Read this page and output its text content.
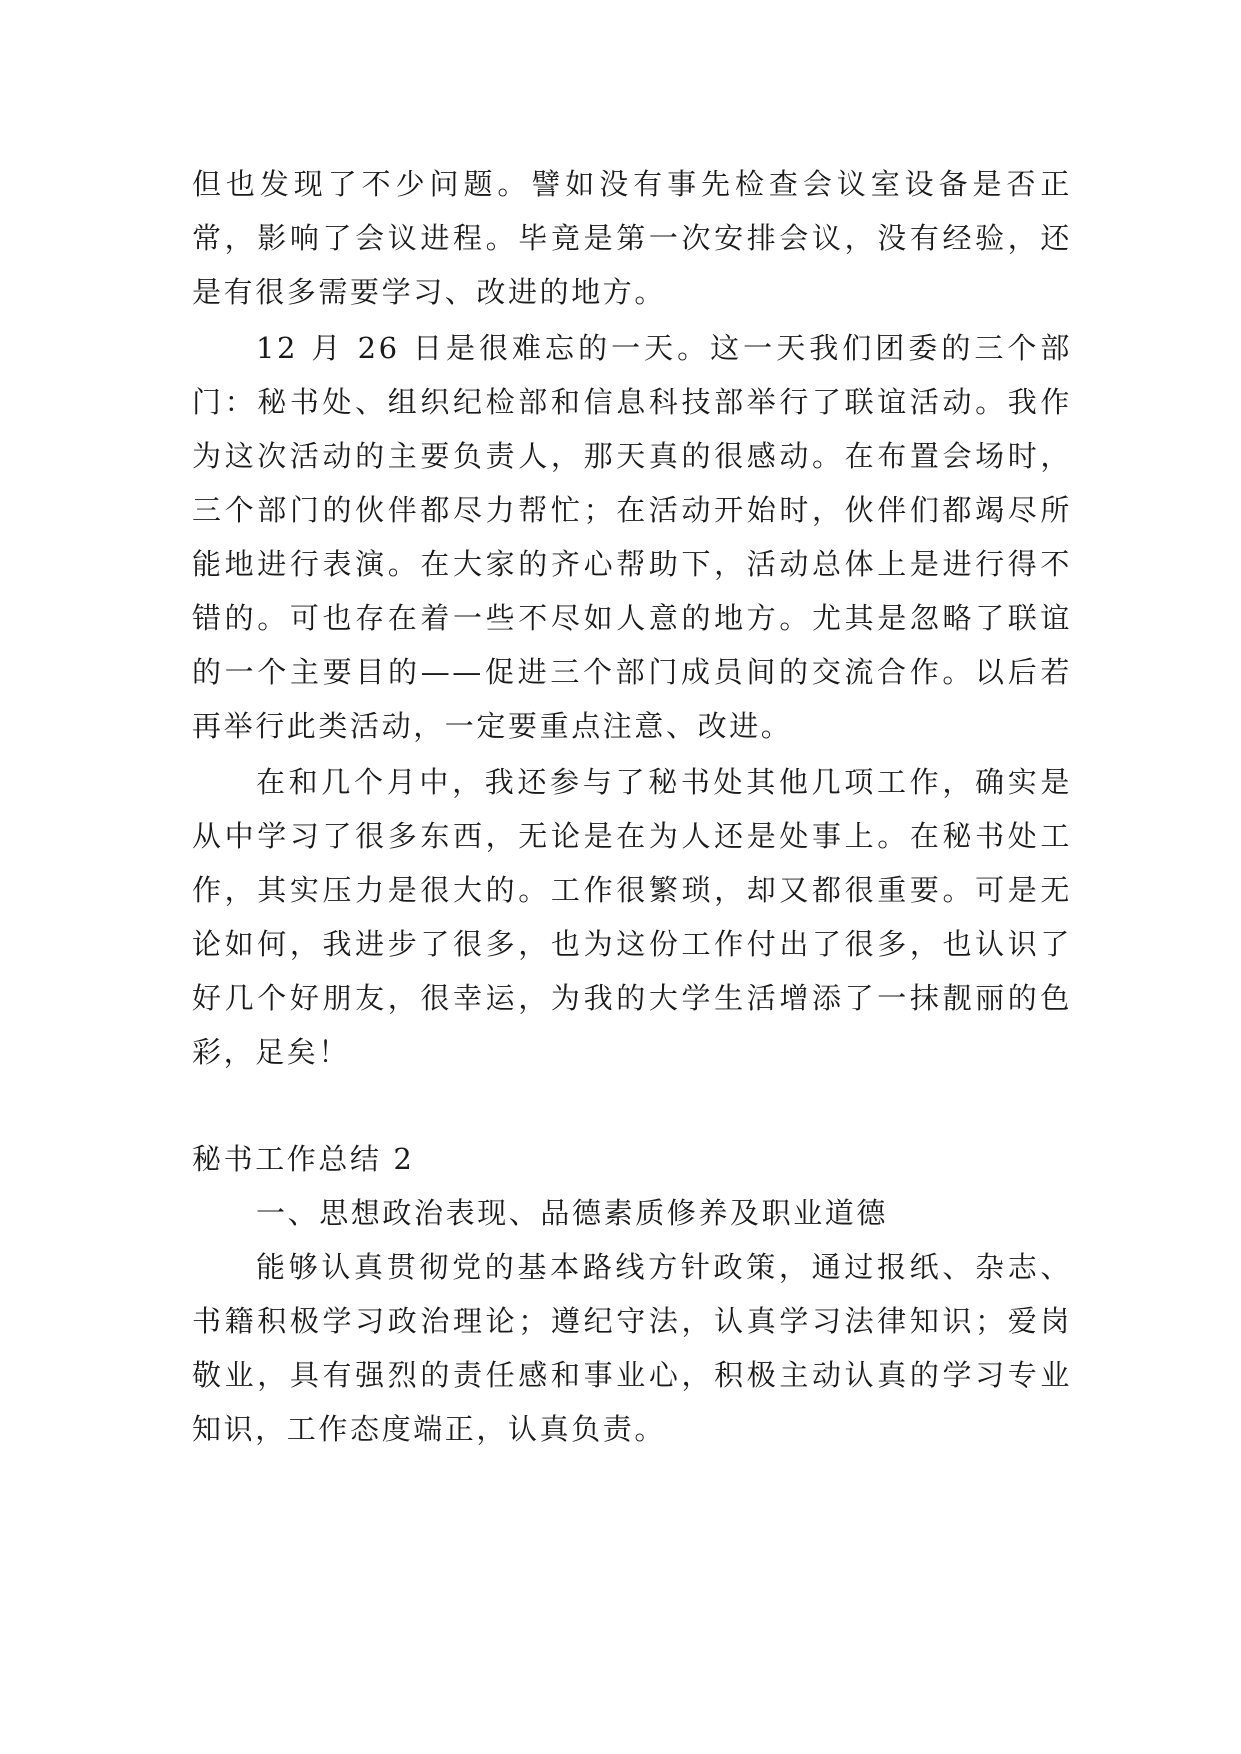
但也发现了不少问题。譬如没有事先检查会议室设备是否正常，影响了会议进程。毕竟是第一次安排会议，没有经验，还是有很多需要学习、改进的地方。

12 月 26 日是很难忘的一天。这一天我们团委的三个部门：秘书处、组织纪检部和信息科技部举行了联谊活动。我作为这次活动的主要负责人，那天真的很感动。在布置会场时，三个部门的伙伴都尽力帮忙；在活动开始时，伙伴们都竭尽所能地进行表演。在大家的齐心帮助下，活动总体上是进行得不错的。可也存在着一些不尽如人意的地方。尤其是忽略了联谊的一个主要目的——促进三个部门成员间的交流合作。以后若再举行此类活动，一定要重点注意、改进。

在和几个月中，我还参与了秘书处其他几项工作，确实是从中学习了很多东西，无论是在为人还是处事上。在秘书处工作，其实压力是很大的。工作很繁琐，却又都很重要。可是无论如何，我进步了很多，也为这份工作付出了很多，也认识了好几个好朋友，很幸运，为我的大学生活增添了一抹靓丽的色彩，足矣！

秘书工作总结 2

一、思想政治表现、品德素质修养及职业道德

能够认真贯彻党的基本路线方针政策，通过报纸、杂志、书籍积极学习政治理论；遵纪守法，认真学习法律知识；爱岗敬业，具有强烈的责任感和事业心，积极主动认真的学习专业知识，工作态度端正，认真负责。
